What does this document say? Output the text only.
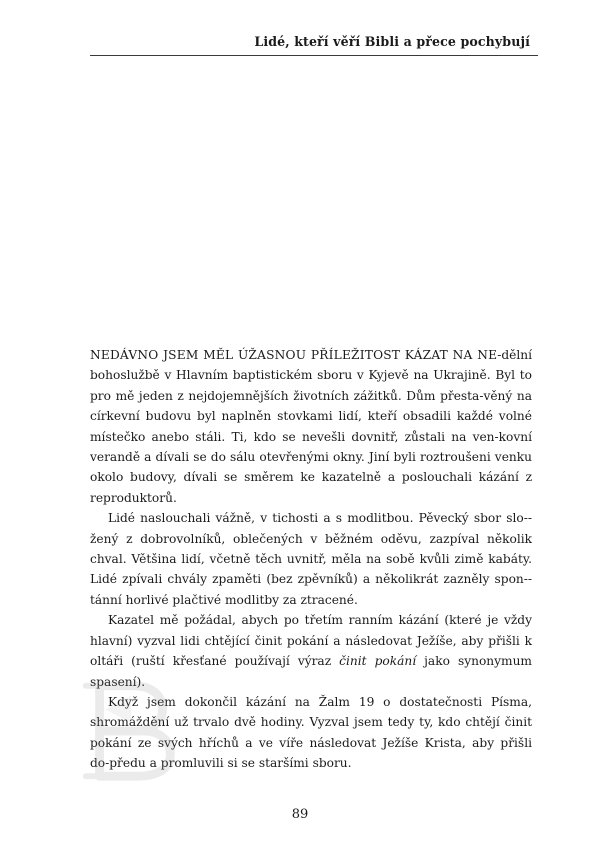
Lidé, kteří věří Bibli a přece pochybují

NEDÁVNO JSEM MĚL ÚŽASNOU PŘÍLEŽITOST KÁZAT NA NE-dělní bohoslužbě v Hlavním baptistickém sboru v Kyjevě na Ukrajině. Byl to pro mě jeden z nejdojemnějších životních zážitků. Dům přesta-věný na církevní budovu byl naplněn stovkami lidí, kteří obsadili každé volné místečko anebo stáli. Ti, kdo se nevešli dovnitř, zůstali na ven-kovní verandě a dívali se do sálu otevřenými okny. Jiní byli roztroušeni venku okolo budovy, dívali se směrem ke kazatelně a poslouchali kázání z reproduktorů.

Lidé naslouchali vážně, v tichosti a s modlitbou. Pěvecký sbor slo-žený z dobrovolníků, oblečených v běžném oděvu, zazpíval několik chval. Většina lidí, včetně těch uvnitř, měla na sobě kvůli zimě kabáty. Lidé zpívali chvály zpaměti (bez zpěvníků) a několikrát zazněly spon-tánní horlivé plačtivé modlitby za ztracené.

Kazatel mě požádal, abych po třetím ranním kázání (které je vždy hlavní) vyzval lidi chtějící činit pokání a následovat Ježíše, aby přišli k oltáři (ruští křesťané používají výraz činit pokání jako synonymum spasení).

Když jsem dokončil kázání na Žalm 19 o dostatečnosti Písma, shromáždění už trvalo dvě hodiny. Vyzval jsem tedy ty, kdo chtějí činit pokání ze svých hříchů a ve víře následovat Ježíše Krista, aby přišli do-předu a promluvili si se staršími sboru.

89
